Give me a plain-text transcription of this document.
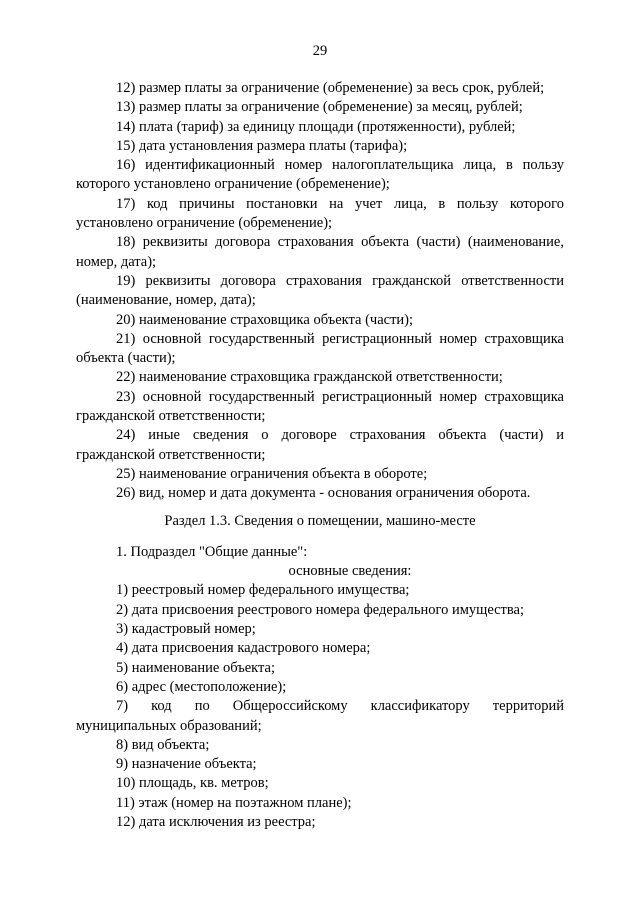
29

12) размер платы за ограничение (обременение) за весь срок, рублей;

13) размер платы за ограничение (обременение) за месяц, рублей;

14) плата (тариф) за единицу площади (протяженности), рублей;

15) дата установления размера платы (тарифа);

16) идентификационный номер налогоплательщика лица, в пользу которого установлено ограничение (обременение);

17) код причины постановки на учет лица, в пользу которого установлено ограничение (обременение);

18) реквизиты договора страхования объекта (части) (наименование, номер, дата);

19) реквизиты договора страхования гражданской ответственности (наименование, номер, дата);

20) наименование страховщика объекта (части);

21) основной государственный регистрационный номер страховщика объекта (части);

22) наименование страховщика гражданской ответственности;

23) основной государственный регистрационный номер страховщика гражданской ответственности;

24) иные сведения о договоре страхования объекта (части) и гражданской ответственности;

25) наименование ограничения объекта в обороте;

26) вид, номер и дата документа - основания ограничения оборота.

Раздел 1.3. Сведения о помещении, машино-месте

1. Подраздел "Общие данные":

основные сведения:

1) реестровый номер федерального имущества;

2) дата присвоения реестрового номера федерального имущества;

3) кадастровый номер;

4) дата присвоения кадастрового номера;

5) наименование объекта;

6) адрес (местоположение);

7) код по Общероссийскому классификатору территорий муниципальных образований;

8) вид объекта;

9) назначение объекта;

10) площадь, кв. метров;

11) этаж (номер на поэтажном плане);

12) дата исключения из реестра;
